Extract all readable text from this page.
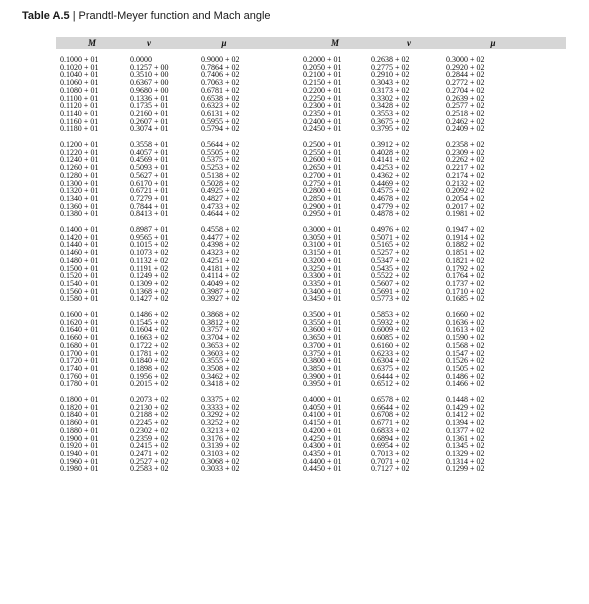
Table A.5 | Prandtl-Meyer function and Mach angle
M	ν	μ	M	ν	μ
0.1000 + 01	0.0000	0.9000 + 02	0.2000 + 01	0.2638 + 02	0.3000 + 02
0.1020 + 01	0.1257 + 00	0.7864 + 02	0.2050 + 01	0.2775 + 02	0.2920 + 02
0.1040 + 01	0.3510 + 00	0.7406 + 02	0.2100 + 01	0.2910 + 02	0.2844 + 02
0.1060 + 01	0.6367 + 00	0.7063 + 02	0.2150 + 01	0.3043 + 02	0.2772 + 02
0.1080 + 01	0.9680 + 00	0.6781 + 02	0.2200 + 01	0.3173 + 02	0.2704 + 02
0.1100 + 01	0.1336 + 01	0.6538 + 02	0.2250 + 01	0.3302 + 02	0.2639 + 02
0.1120 + 01	0.1735 + 01	0.6323 + 02	0.2300 + 01	0.3428 + 02	0.2577 + 02
0.1140 + 01	0.2160 + 01	0.6131 + 02	0.2350 + 01	0.3553 + 02	0.2518 + 02
0.1160 + 01	0.2607 + 01	0.5955 + 02	0.2400 + 01	0.3675 + 02	0.2462 + 02
0.1180 + 01	0.3074 + 01	0.5794 + 02	0.2450 + 01	0.3795 + 02	0.2409 + 02
0.1200 + 01	0.3558 + 01	0.5644 + 02	0.2500 + 01	0.3912 + 02	0.2358 + 02
0.1220 + 01	0.4057 + 01	0.5505 + 02	0.2550 + 01	0.4028 + 02	0.2309 + 02
0.1240 + 01	0.4569 + 01	0.5375 + 02	0.2600 + 01	0.4141 + 02	0.2262 + 02
0.1260 + 01	0.5093 + 01	0.5253 + 02	0.2650 + 01	0.4253 + 02	0.2217 + 02
0.1280 + 01	0.5627 + 01	0.5138 + 02	0.2700 + 01	0.4362 + 02	0.2174 + 02
0.1300 + 01	0.6170 + 01	0.5028 + 02	0.2750 + 01	0.4469 + 02	0.2132 + 02
0.1320 + 01	0.6721 + 01	0.4925 + 02	0.2800 + 01	0.4575 + 02	0.2092 + 02
0.1340 + 01	0.7279 + 01	0.4827 + 02	0.2850 + 01	0.4678 + 02	0.2054 + 02
0.1360 + 01	0.7844 + 01	0.4733 + 02	0.2900 + 01	0.4779 + 02	0.2017 + 02
0.1380 + 01	0.8413 + 01	0.4644 + 02	0.2950 + 01	0.4878 + 02	0.1981 + 02
0.1400 + 01	0.8987 + 01	0.4558 + 02	0.3000 + 01	0.4976 + 02	0.1947 + 02
0.1420 + 01	0.9565 + 01	0.4477 + 02	0.3050 + 01	0.5071 + 02	0.1914 + 02
0.1440 + 01	0.1015 + 02	0.4398 + 02	0.3100 + 01	0.5165 + 02	0.1882 + 02
0.1460 + 01	0.1073 + 02	0.4323 + 02	0.3150 + 01	0.5257 + 02	0.1851 + 02
0.1480 + 01	0.1132 + 02	0.4251 + 02	0.3200 + 01	0.5347 + 02	0.1821 + 02
0.1500 + 01	0.1191 + 02	0.4181 + 02	0.3250 + 01	0.5435 + 02	0.1792 + 02
0.1520 + 01	0.1249 + 02	0.4114 + 02	0.3300 + 01	0.5522 + 02	0.1764 + 02
0.1540 + 01	0.1309 + 02	0.4049 + 02	0.3350 + 01	0.5607 + 02	0.1737 + 02
0.1560 + 01	0.1368 + 02	0.3987 + 02	0.3400 + 01	0.5691 + 02	0.1710 + 02
0.1580 + 01	0.1427 + 02	0.3927 + 02	0.3450 + 01	0.5773 + 02	0.1685 + 02
0.1600 + 01	0.1486 + 02	0.3868 + 02	0.3500 + 01	0.5853 + 02	0.1660 + 02
0.1620 + 01	0.1545 + 02	0.3812 + 02	0.3550 + 01	0.5932 + 02	0.1636 + 02
0.1640 + 01	0.1604 + 02	0.3757 + 02	0.3600 + 01	0.6009 + 02	0.1613 + 02
0.1660 + 01	0.1663 + 02	0.3704 + 02	0.3650 + 01	0.6085 + 02	0.1590 + 02
0.1680 + 01	0.1722 + 02	0.3653 + 02	0.3700 + 01	0.6160 + 02	0.1568 + 02
0.1700 + 01	0.1781 + 02	0.3603 + 02	0.3750 + 01	0.6233 + 02	0.1547 + 02
0.1720 + 01	0.1840 + 02	0.3555 + 02	0.3800 + 01	0.6304 + 02	0.1526 + 02
0.1740 + 01	0.1898 + 02	0.3508 + 02	0.3850 + 01	0.6375 + 02	0.1505 + 02
0.1760 + 01	0.1956 + 02	0.3462 + 02	0.3900 + 01	0.6444 + 02	0.1486 + 02
0.1780 + 01	0.2015 + 02	0.3418 + 02	0.3950 + 01	0.6512 + 02	0.1466 + 02
0.1800 + 01	0.2073 + 02	0.3375 + 02	0.4000 + 01	0.6578 + 02	0.1448 + 02
0.1820 + 01	0.2130 + 02	0.3333 + 02	0.4050 + 01	0.6644 + 02	0.1429 + 02
0.1840 + 01	0.2188 + 02	0.3292 + 02	0.4100 + 01	0.6708 + 02	0.1412 + 02
0.1860 + 01	0.2245 + 02	0.3252 + 02	0.4150 + 01	0.6771 + 02	0.1394 + 02
0.1880 + 01	0.2302 + 02	0.3213 + 02	0.4200 + 01	0.6833 + 02	0.1377 + 02
0.1900 + 01	0.2359 + 02	0.3176 + 02	0.4250 + 01	0.6894 + 02	0.1361 + 02
0.1920 + 01	0.2415 + 02	0.3139 + 02	0.4300 + 01	0.6954 + 02	0.1345 + 02
0.1940 + 01	0.2471 + 02	0.3103 + 02	0.4350 + 01	0.7013 + 02	0.1329 + 02
0.1960 + 01	0.2527 + 02	0.3068 + 02	0.4400 + 01	0.7071 + 02	0.1314 + 02
0.1980 + 01	0.2583 + 02	0.3033 + 02	0.4450 + 01	0.7127 + 02	0.1299 + 02
